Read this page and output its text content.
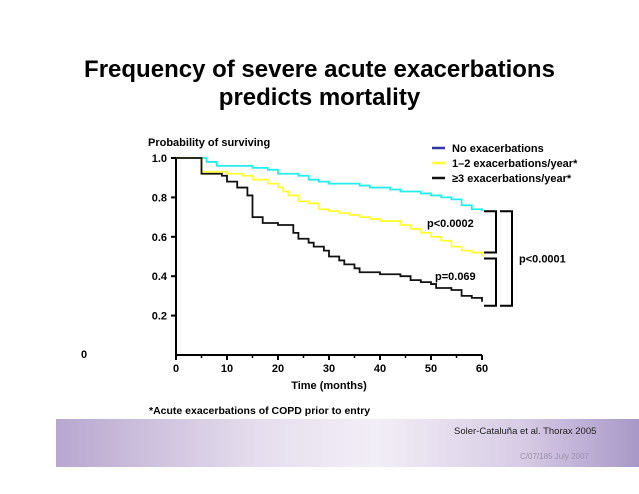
Frequency of severe acute exacerbations
predicts mortality
0.2
0.4
0.6
0.8
1.0
0
0	10	20	30	40	50	60
Probability of surviving
Time (months)
No exacerbations
1–2 exacerbations/year*
≥3 exacerbations/year*
p<0.0002
p=0.069
p<0.0001
*Acute exacerbations of COPD prior to entry
Soler-Cataluña et al. Thorax 2005
C/07/185 July 2007
